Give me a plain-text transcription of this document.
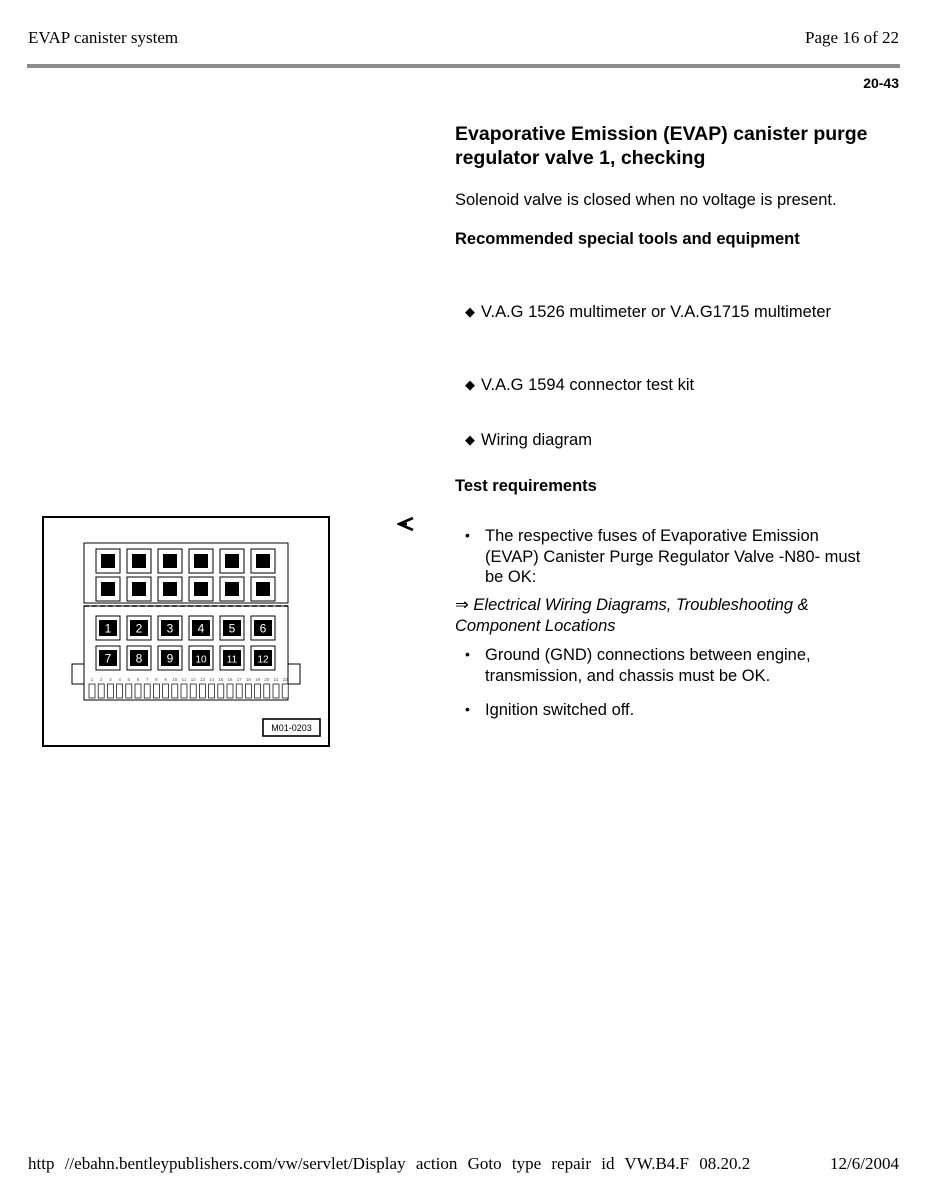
EVAP canister system	Page 16 of 22
20-43
Evaporative Emission (EVAP) canister purge regulator valve 1, checking
Solenoid valve is closed when no voltage is present.
Recommended special tools and equipment
◆ V.A.G 1526 multimeter or V.A.G1715 multimeter
◆ V.A.G 1594 connector test kit
◆ Wiring diagram
Test requirements
• The respective fuses of Evaporative Emission (EVAP) Canister Purge Regulator Valve -N80- must be OK:
⇒ Electrical Wiring Diagrams, Troubleshooting & Component Locations
• Ground (GND) connections between engine, transmission, and chassis must be OK.
• Ignition switched off.
1 2 3 4 5 6
7 8 9 10 11 12
1 2 3 4 5 6 7 8 9 10 11 12 13 14 15 16 17 18 19 20 21 22
M01-0203
http //ebahn.bentleypublishers.com/vw/servlet/Display action Goto type repair id VW.B4.F 08.20.2	12/6/2004
